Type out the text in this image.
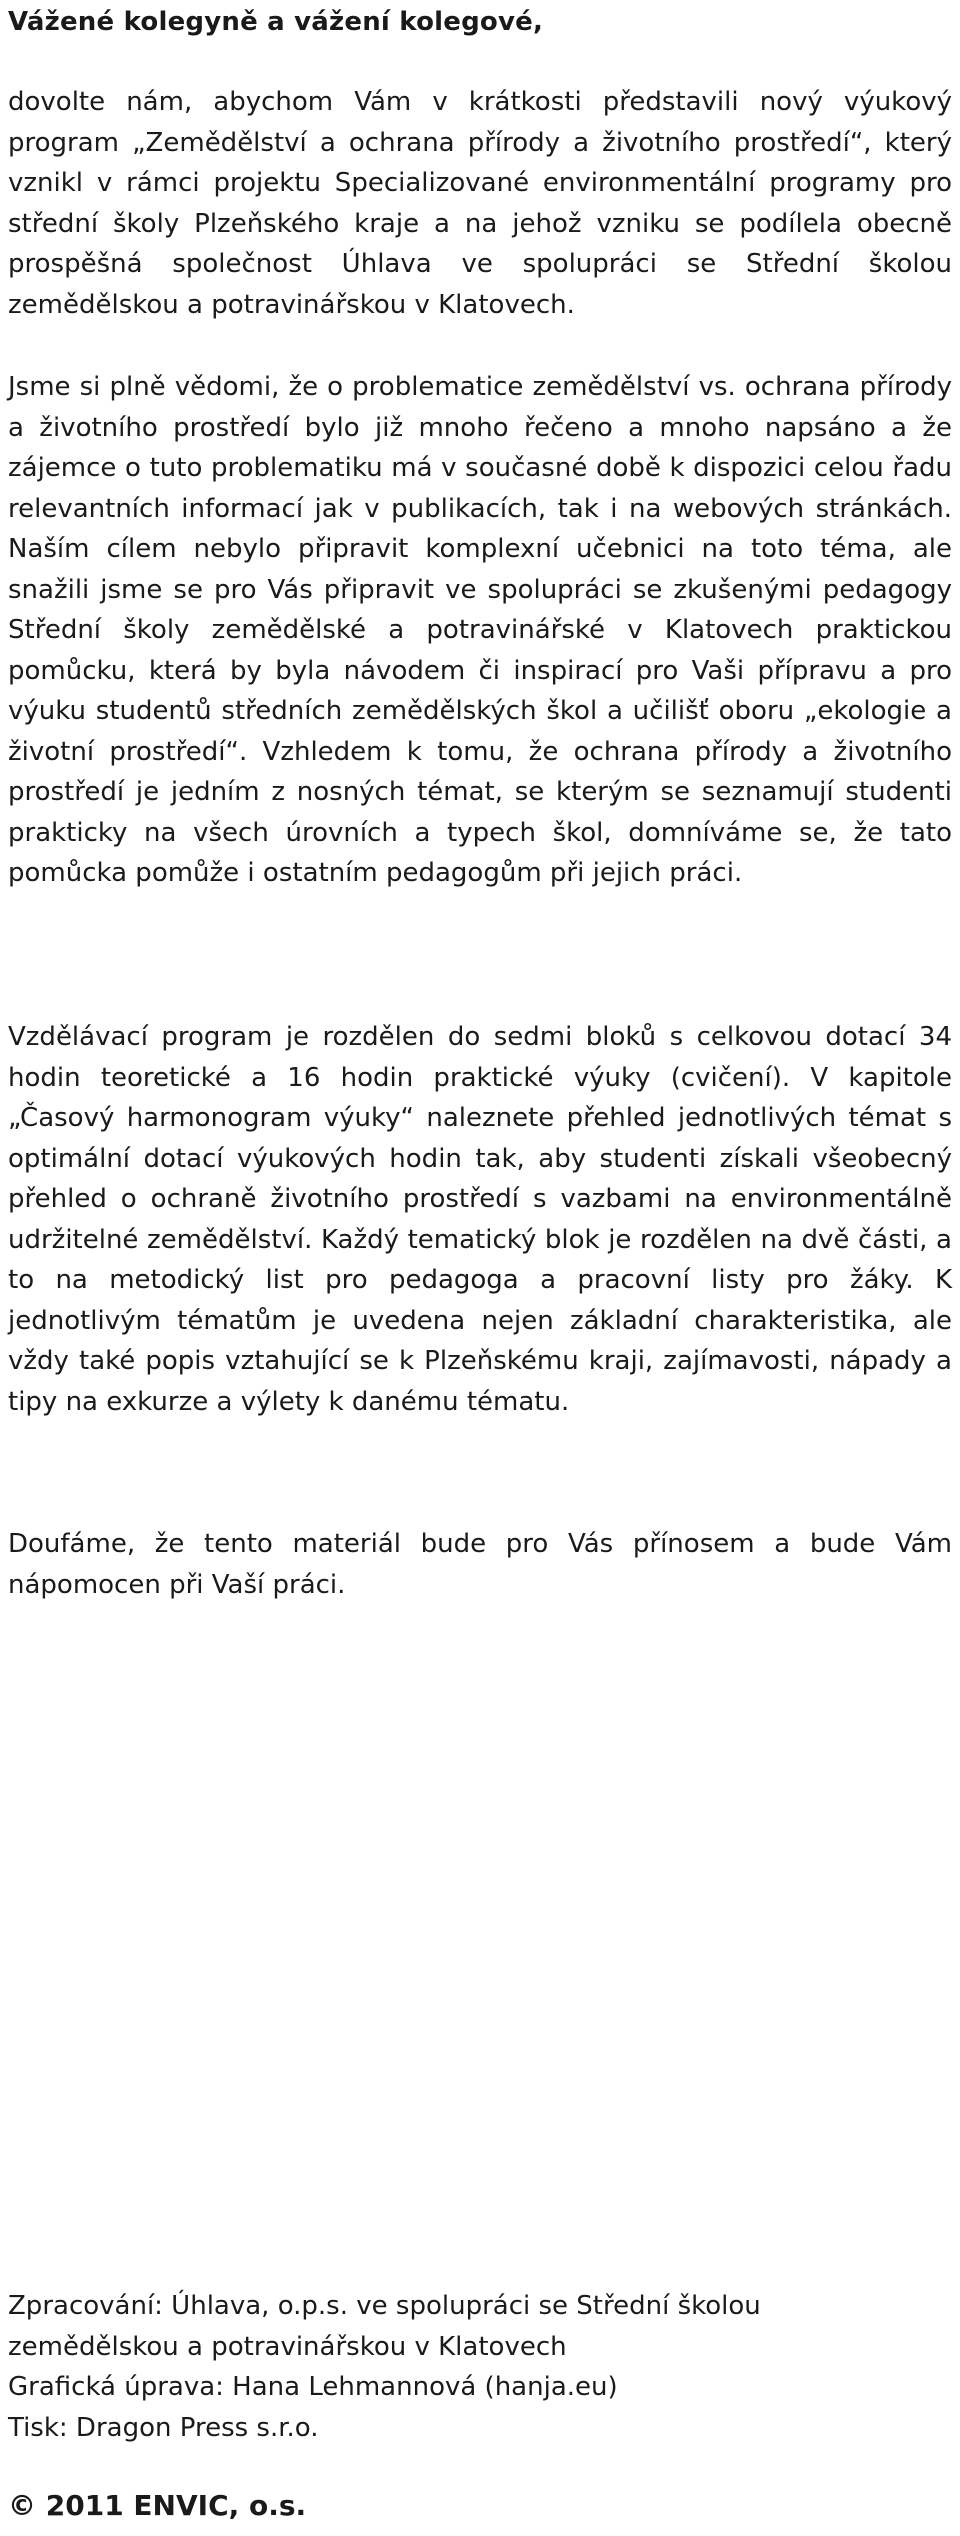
Vážené kolegyně a vážení kolegové,

dovolte nám, abychom Vám v krátkosti představili nový výukový program „Zemědělství a ochrana přírody a životního prostředí“, který vznikl v rámci projektu Specializované environmentální programy pro střední školy Plzeňského kraje a na jehož vzniku se podílela obecně prospěšná společnost Úhlava ve spolupráci se Střední školou zemědělskou a potravinářskou v Klatovech.

Jsme si plně vědomi, že o problematice zemědělství vs. ochrana přírody a životního prostředí bylo již mnoho řečeno a mnoho napsáno a že zájemce o tuto problematiku má v současné době k dispozici celou řadu relevantních informací jak v publikacích, tak i na webových stránkách. Naším cílem nebylo připravit komplexní učebnici na toto téma, ale snažili jsme se pro Vás připravit ve spolupráci se zkušenými pedagogy Střední školy zemědělské a potravinářské v Klatovech praktickou pomůcku, která by byla návodem či inspirací pro Vaši přípravu a pro výuku studentů středních zemědělských škol a učilišť oboru „ekologie a životní prostředí“. Vzhledem k tomu, že ochrana přírody a životního prostředí je jedním z nosných témat, se kterým se seznamují studenti prakticky na všech úrovních a typech škol, domníváme se, že tato pomůcka pomůže i ostatním pedagogům při jejich práci.

Vzdělávací program je rozdělen do sedmi bloků s celkovou dotací 34 hodin teoretické a 16 hodin praktické výuky (cvičení). V kapitole „Časový harmonogram výuky“ naleznete přehled jednotlivých témat s optimální dotací výukových hodin tak, aby studenti získali všeobecný přehled o ochraně životního prostředí s vazbami na environmentálně udržitelné zemědělství. Každý tematický blok je rozdělen na dvě části, a to na metodický list pro pedagoga a pracovní listy pro žáky. K jednotlivým tématům je uvedena nejen základní charakteristika, ale vždy také popis vztahující se k Plzeňskému kraji, zajímavosti, nápady a tipy na exkurze a výlety k danému tématu.

Doufáme, že tento materiál bude pro Vás přínosem a bude Vám nápomocen při Vaší práci.

Zpracování: Úhlava, o.p.s. ve spolupráci se Střední školou
zemědělskou a potravinářskou v Klatovech
Grafická úprava: Hana Lehmannová (hanja.eu)
Tisk: Dragon Press s.r.o.

© 2011 ENVIC, o.s.
